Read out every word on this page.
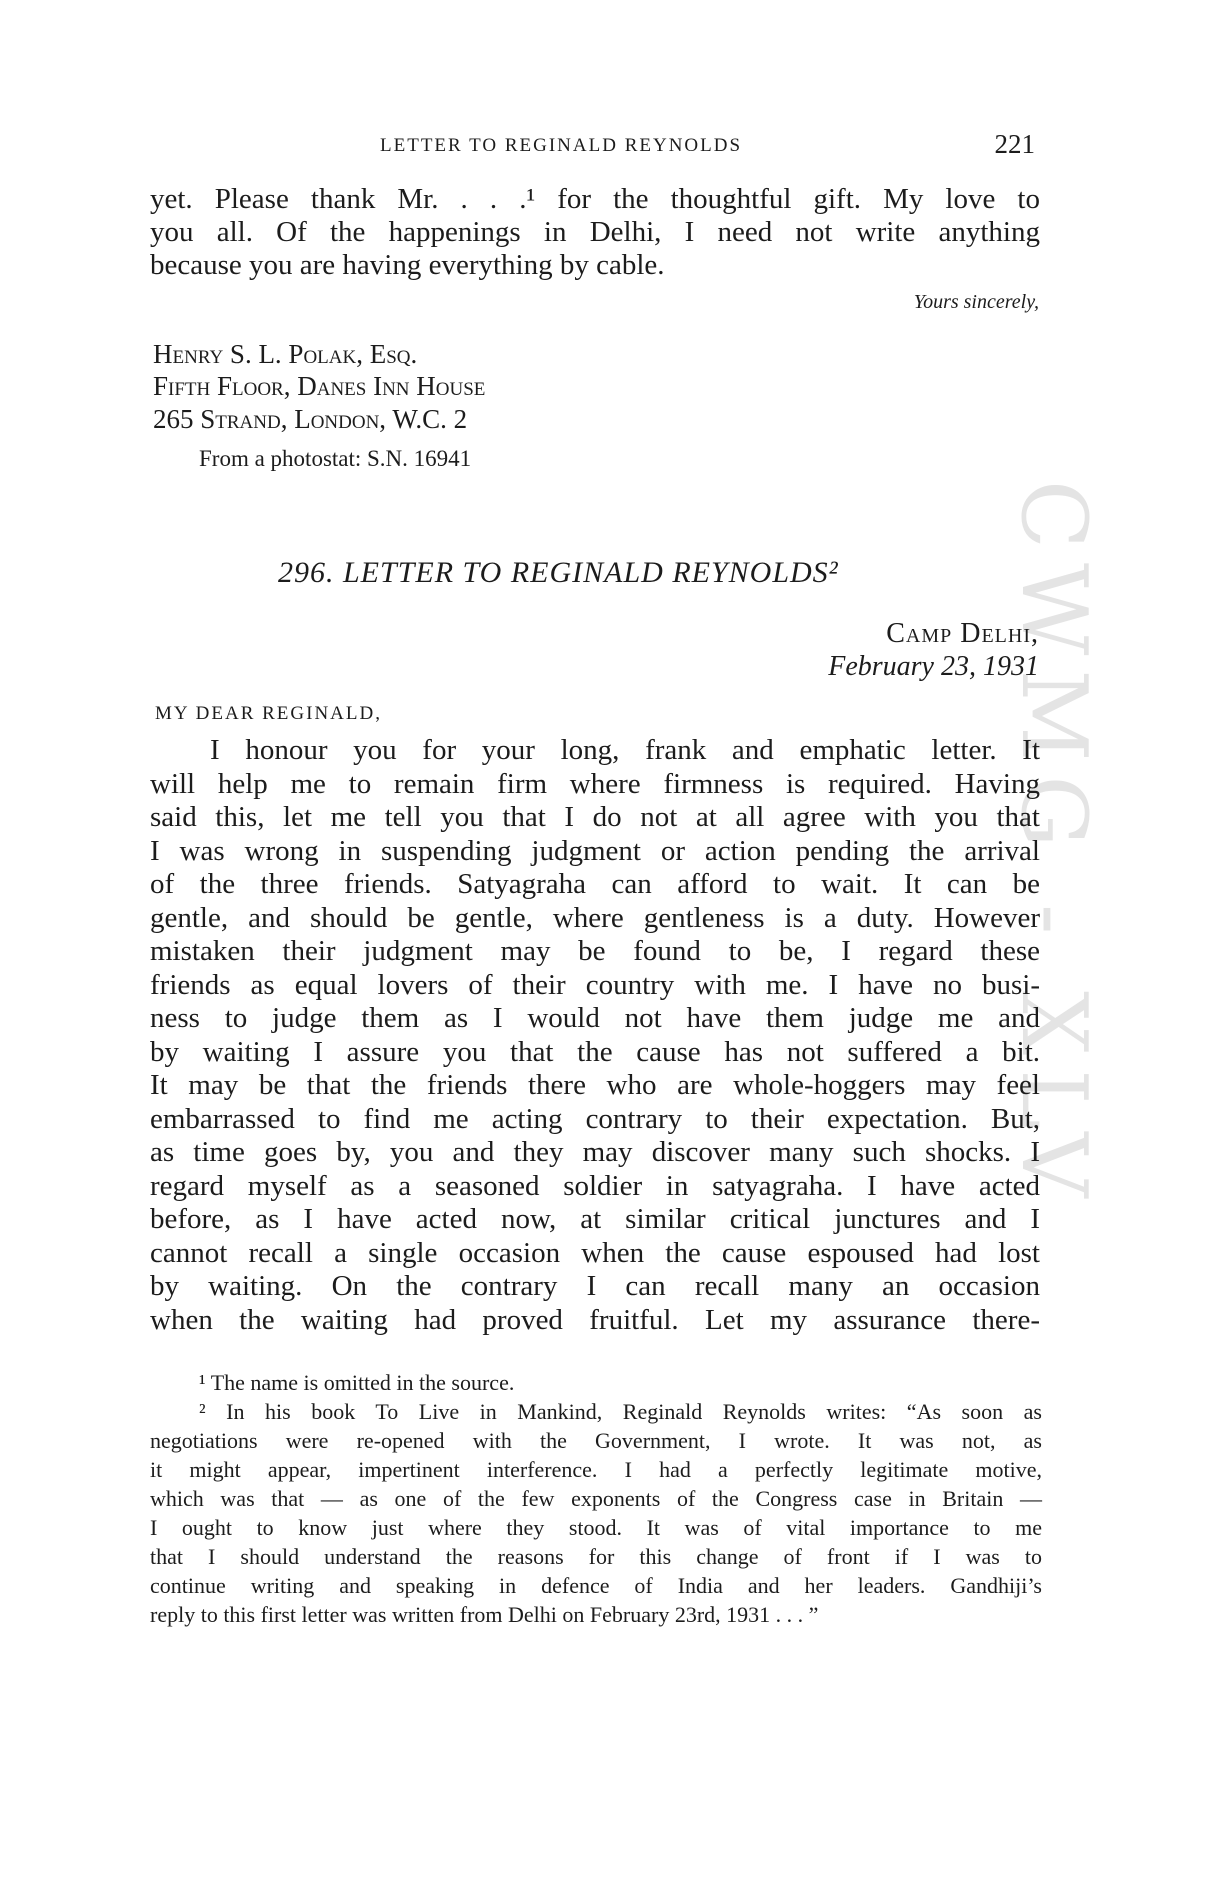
CWMG - XLV
LETTER TO REGINALD REYNOLDS	221
yet. Please thank Mr. . . .¹ for the thoughtful gift. My love to
you all. Of the happenings in Delhi, I need not write anything
because you are having everything by cable.
Yours sincerely,
Henry S. L. Polak, Esq.
Fifth Floor, Danes Inn House
265 Strand, London, W.C. 2
From a photostat: S.N. 16941
296. LETTER TO REGINALD REYNOLDS²
Camp Delhi,
February 23, 1931
MY DEAR REGINALD,
I honour you for your long, frank and emphatic letter. It
will help me to remain firm where firmness is required. Having
said this, let me tell you that I do not at all agree with you that
I was wrong in suspending judgment or action pending the arrival
of the three friends. Satyagraha can afford to wait. It can be
gentle, and should be gentle, where gentleness is a duty. However
mistaken their judgment may be found to be, I regard these
friends as equal lovers of their country with me. I have no busi-
ness to judge them as I would not have them judge me and
by waiting I assure you that the cause has not suffered a bit.
It may be that the friends there who are whole-hoggers may feel
embarrassed to find me acting contrary to their expectation. But,
as time goes by, you and they may discover many such shocks. I
regard myself as a seasoned soldier in satyagraha. I have acted
before, as I have acted now, at similar critical junctures and I
cannot recall a single occasion when the cause espoused had lost
by waiting. On the contrary I can recall many an occasion
when the waiting had proved fruitful. Let my assurance there-
¹ The name is omitted in the source.
² In his book To Live in Mankind, Reginald Reynolds writes: “As soon as
negotiations were re-opened with the Government, I wrote. It was not, as
it might appear, impertinent interference. I had a perfectly legitimate motive,
which was that — as one of the few exponents of the Congress case in Britain —
I ought to know just where they stood. It was of vital importance to me
that I should understand the reasons for this change of front if I was to
continue writing and speaking in defence of India and her leaders. Gandhiji’s
reply to this first letter was written from Delhi on February 23rd, 1931 . . . ”
